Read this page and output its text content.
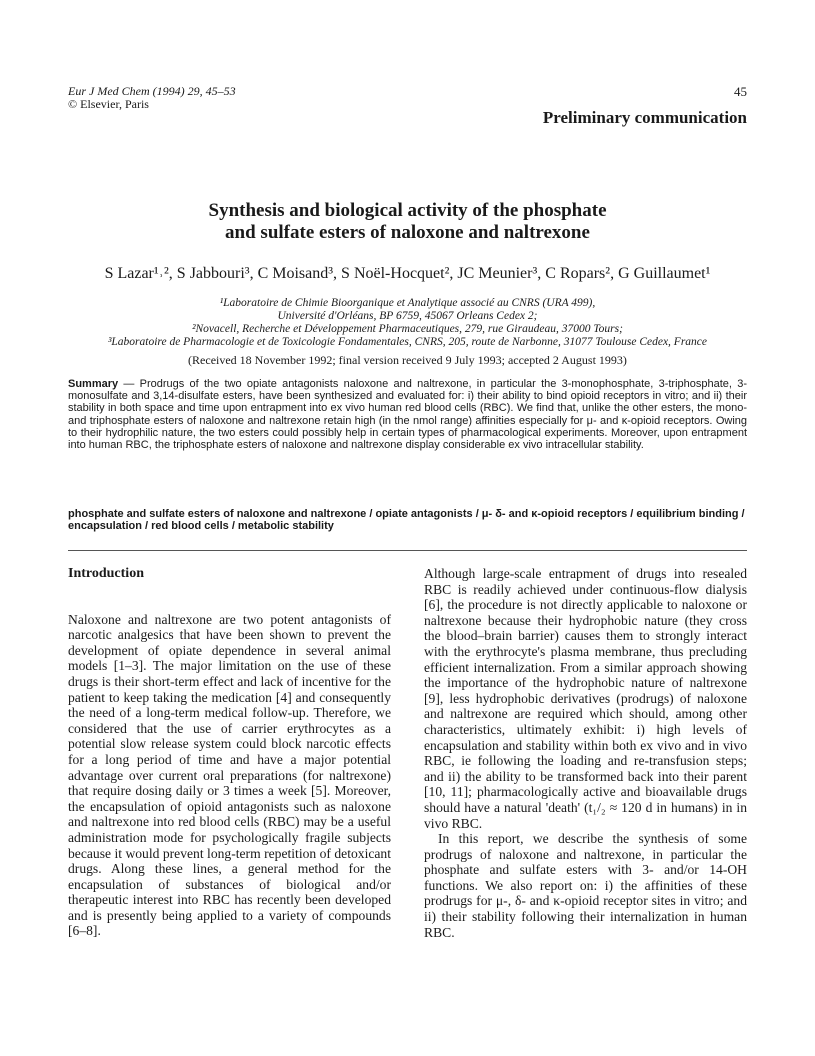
Eur J Med Chem (1994) 29, 45–53
© Elsevier, Paris
45
Preliminary communication
Synthesis and biological activity of the phosphate
and sulfate esters of naloxone and naltrexone
S Lazar¹˒², S Jabbouri³, C Moisand³, S Noël-Hocquet², JC Meunier³, C Ropars², G Guillaumet¹
¹Laboratoire de Chimie Bioorganique et Analytique associé au CNRS (URA 499),
Université d'Orléans, BP 6759, 45067 Orleans Cedex 2;
²Novacell, Recherche et Développement Pharmaceutiques, 279, rue Giraudeau, 37000 Tours;
³Laboratoire de Pharmacologie et de Toxicologie Fondamentales, CNRS, 205, route de Narbonne, 31077 Toulouse Cedex, France
(Received 18 November 1992; final version received 9 July 1993; accepted 2 August 1993)
Summary — Prodrugs of the two opiate antagonists naloxone and naltrexone, in particular the 3-monophosphate, 3-triphosphate, 3-monosulfate and 3,14-disulfate esters, have been synthesized and evaluated for: i) their ability to bind opioid receptors in vitro; and ii) their stability in both space and time upon entrapment into ex vivo human red blood cells (RBC). We find that, unlike the other esters, the mono- and triphosphate esters of naloxone and naltrexone retain high (in the nmol range) affinities especially for μ- and κ-opioid receptors. Owing to their hydrophilic nature, the two esters could possibly help in certain types of pharmacological experiments. Moreover, upon entrapment into human RBC, the triphosphate esters of naloxone and naltrexone display considerable ex vivo intracellular stability.
phosphate and sulfate esters of naloxone and naltrexone / opiate antagonists / μ- δ- and κ-opioid receptors / equilibrium binding / encapsulation / red blood cells / metabolic stability
Introduction
Naloxone and naltrexone are two potent antagonists of narcotic analgesics that have been shown to prevent the development of opiate dependence in several animal models [1–3]. The major limitation on the use of these drugs is their short-term effect and lack of incentive for the patient to keep taking the medication [4] and consequently the need of a long-term medical follow-up. Therefore, we considered that the use of carrier erythrocytes as a potential slow release system could block narcotic effects for a long period of time and have a major potential advantage over current oral preparations (for naltrexone) that require dosing daily or 3 times a week [5]. Moreover, the encapsulation of opioid antagonists such as naloxone and naltrexone into red blood cells (RBC) may be a useful administration mode for psychologically fragile subjects because it would prevent long-term repetition of detoxicant drugs. Along these lines, a general method for the encapsulation of substances of biological and/or therapeutic interest into RBC has recently been developed and is presently being applied to a variety of compounds [6–8].
Although large-scale entrapment of drugs into resealed RBC is readily achieved under continuous-flow dialysis [6], the procedure is not directly applicable to naloxone or naltrexone because their hydrophobic nature (they cross the blood–brain barrier) causes them to strongly interact with the erythrocyte's plasma membrane, thus precluding efficient internalization. From a similar approach showing the importance of the hydrophobic nature of naltrexone [9], less hydrophobic derivatives (prodrugs) of naloxone and naltrexone are required which should, among other characteristics, ultimately exhibit: i) high levels of encapsulation and stability within both ex vivo and in vivo RBC, ie following the loading and re-transfusion steps; and ii) the ability to be transformed back into their parent [10, 11]; pharmacologically active and bioavailable drugs should have a natural 'death' (t₁/₂ ≈ 120 d in humans) in in vivo RBC.
In this report, we describe the synthesis of some prodrugs of naloxone and naltrexone, in particular the phosphate and sulfate esters with 3- and/or 14-OH functions. We also report on: i) the affinities of these prodrugs for μ-, δ- and κ-opioid receptor sites in vitro; and ii) their stability following their internalization in human RBC.
